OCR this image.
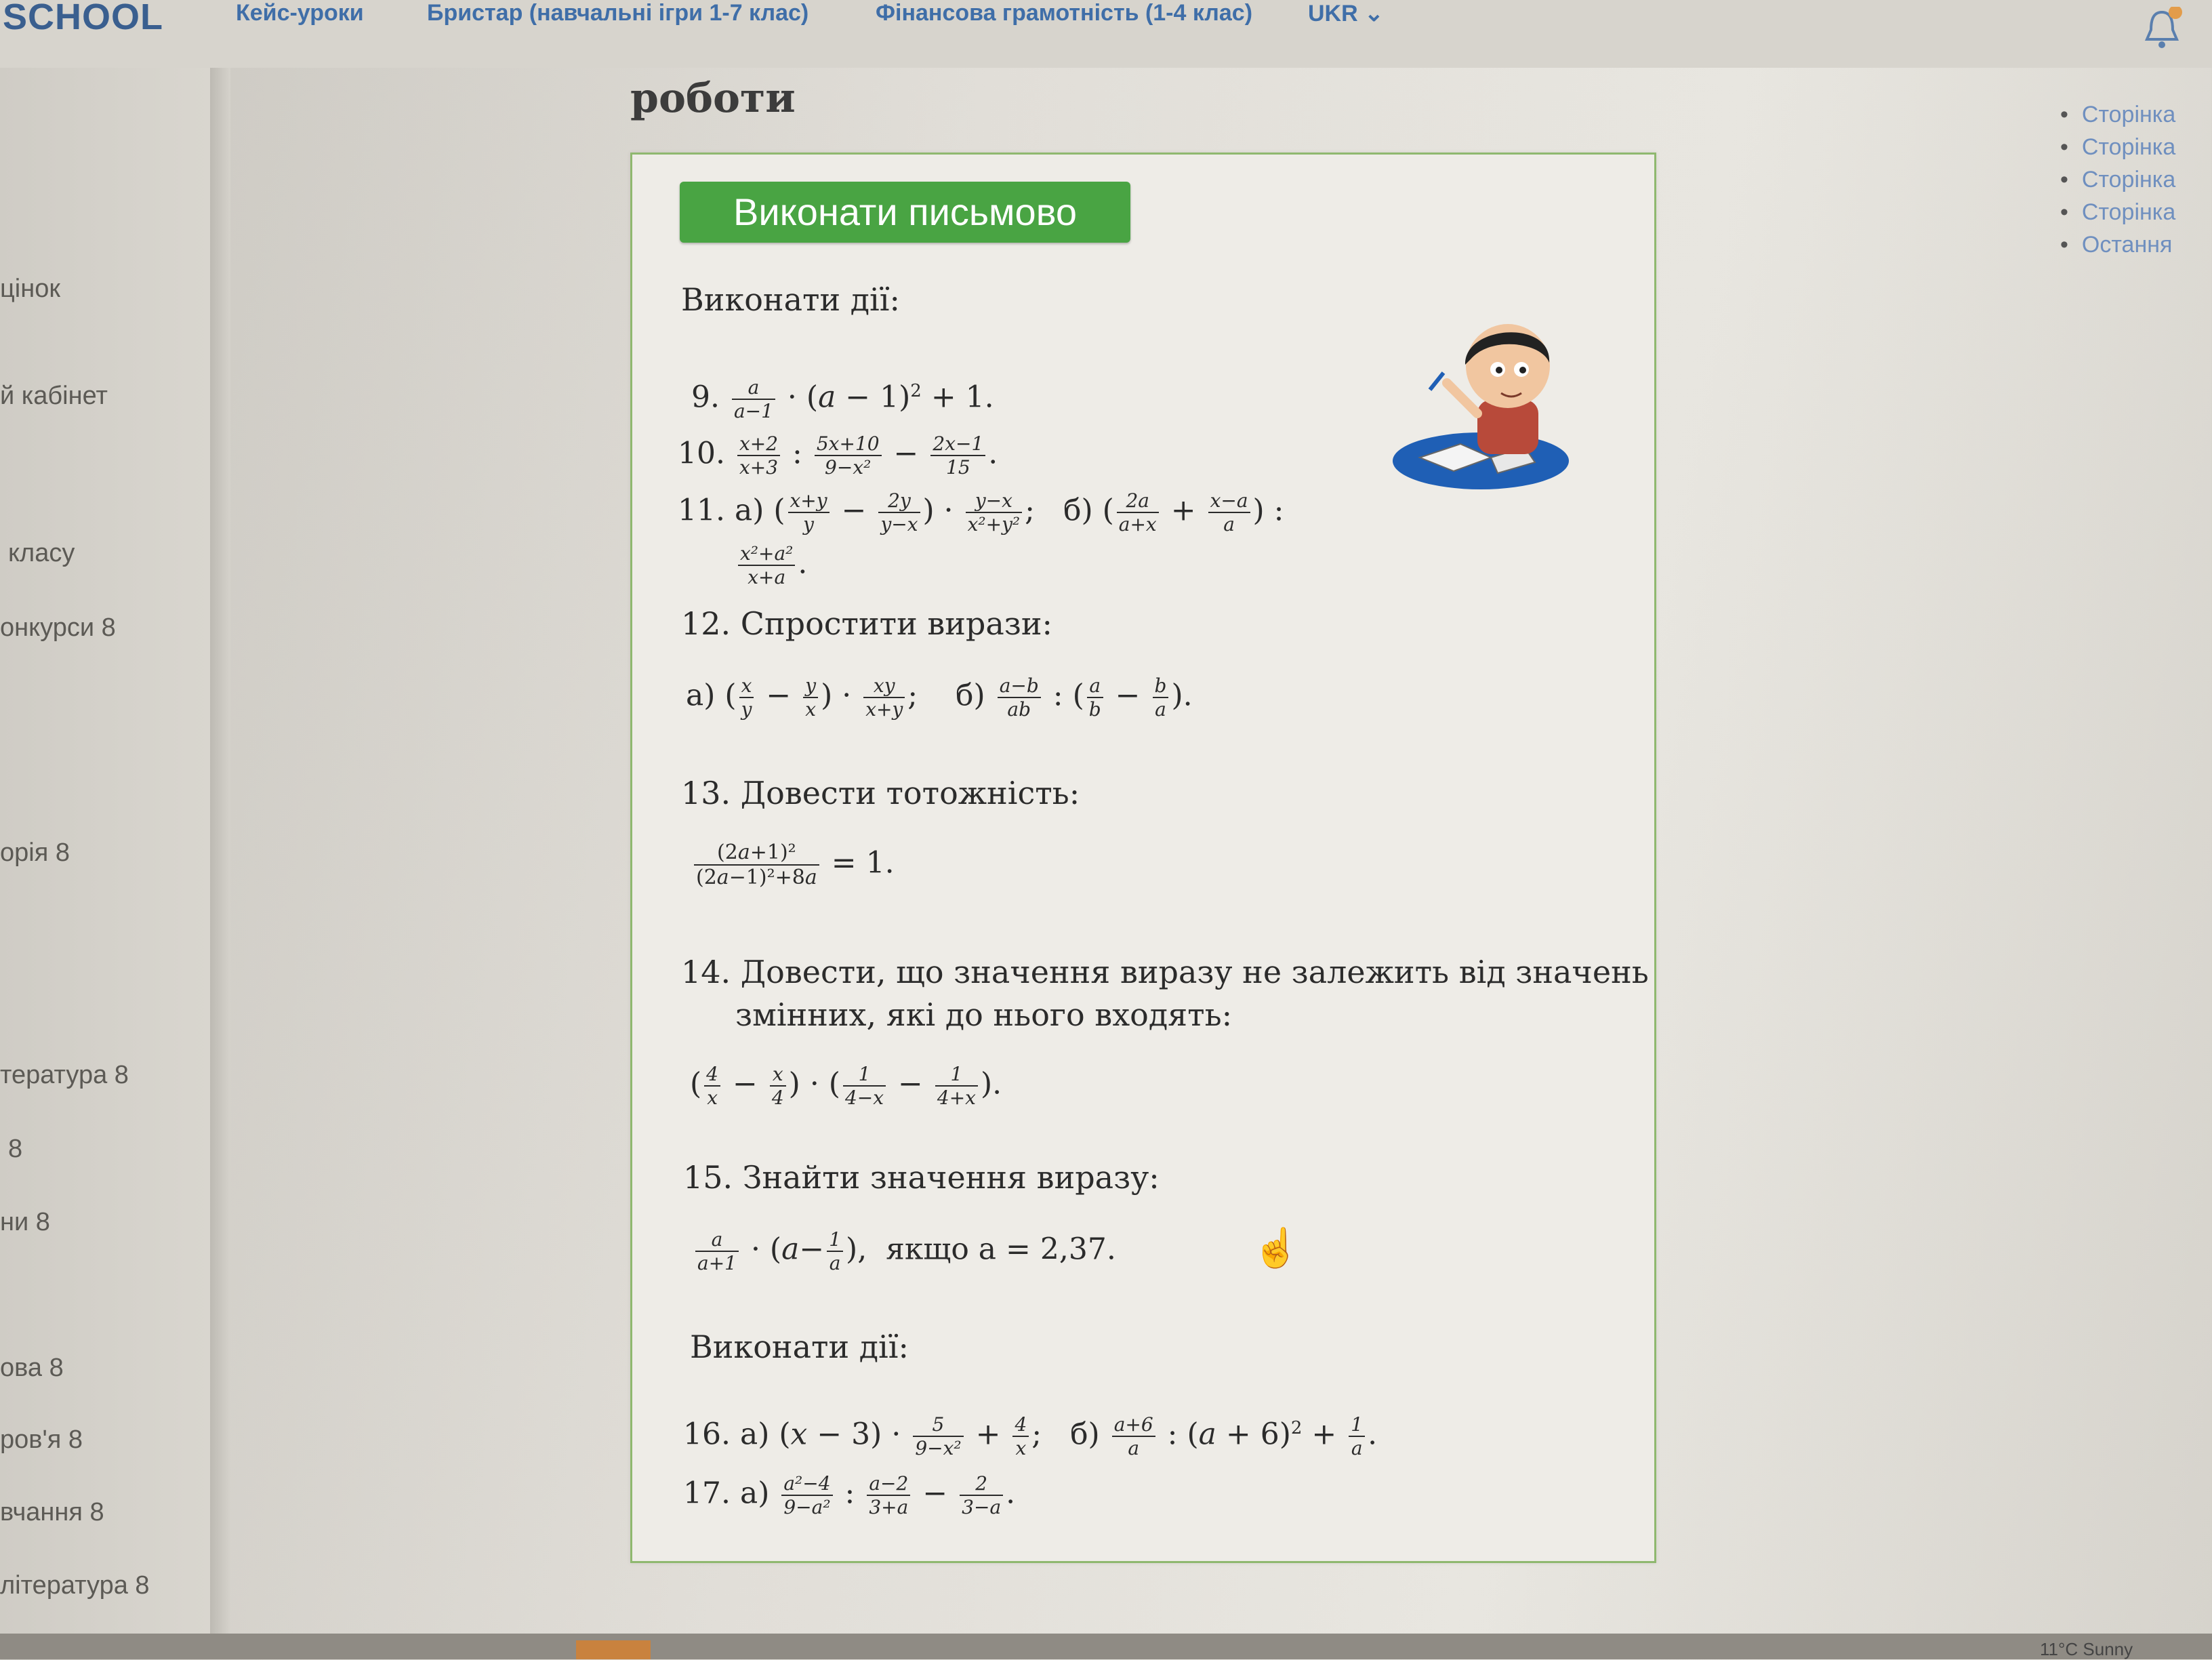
SCHOOL	Кейс-уроки	Бристар (навчальні ігри 1-7 клас)	Фінансова грамотність (1-4 клас) UKR ⌄
цінок
й кабінет
класу
онкурси 8
орія 8
тература 8
8
ни 8
ова 8
ров'я 8
вчання 8
література 8
роботи
•	Сторінка
• Сторінка
• Сторінка
• Сторінка
• Остання
Виконати письмово
Виконати дії:
9. $\frac{a}{a-1} \cdot (a - 1)^2 + 1$.
10. $\frac{x+2}{x+3}$ : $\frac{5x+10}{\text{9−x²}} - \frac{2x-1}{15}$ .
11. а) ( $\frac{x+y}{y} - \frac{2y}{y-x}$ ) · $\frac{y-x}{\text{x²+y²}}$ ;   б) ( $\frac{2a}{a+x} + \frac{x-a}{a}$ ) :
$\frac{\text{x²+a²}}{x+a}$ .
12. Спростити вирази:
а) ( $\frac{x}{y} - \frac{y}{x}$ ) · $\frac{xy}{x+y}$ ;    $б) \frac{a-b}{ab}$ : ( $\frac{a}{b} - \frac{b}{a}$ ).
13. Довести тотожність:
$\frac{\text{(2a+1)²}}{\text{(2a−1)²+8a}} = 1$.
14. Довести, що значення виразу не залежить від значень
змінних, які до нього входять:
( $\frac{4}{x} - \frac{x}{4}$ ) · ( $\frac{1}{4-x} - \frac{1}{4+x}$ ).
15. Знайти значення виразу:
$\frac{a}{a+1} \cdot (a- \frac{1}{a}$ ),  якщо a = 2,37.	☝
Виконати дії:
16. а) $(x - 3) \cdot \frac{5}{\text{9−x²}} + \frac{4}{x}$ ;   $б) \frac{a+6}{a}$ : $(a + 6)^2 + \frac{1}{a}$ .
17. $а) \frac{\text{a²−4}}{\text{9−a²}}$ : $\frac{a-2}{3+a} - \frac{2}{3-a}$ .
11°C Sunny
